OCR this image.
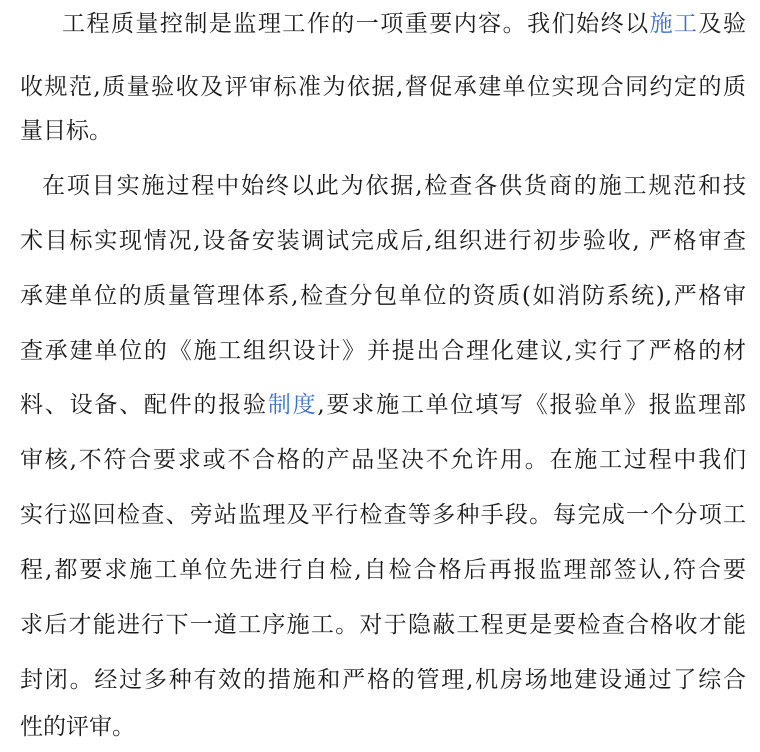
工程质量控制是监理工作的一项重要内容。我们始终以施工及验
收规范,质量验收及评审标准为依据,督促承建单位实现合同约定的质
量目标。
在项目实施过程中始终以此为依据,检查各供货商的施工规范和技
术目标实现情况,设备安装调试完成后,组织进行初步验收, 严格审查
承建单位的质量管理体系,检查分包单位的资质(如消防系统),严格审
查承建单位的《施工组织设计》并提出合理化建议,实行了严格的材
料、设备、配件的报验制度,要求施工单位填写《报验单》报监理部
审核,不符合要求或不合格的产品坚决不允许用。在施工过程中我们
实行巡回检查、旁站监理及平行检查等多种手段。每完成一个分项工
程,都要求施工单位先进行自检,自检合格后再报监理部签认,符合要
求后才能进行下一道工序施工。对于隐蔽工程更是要检查合格收才能
封闭。经过多种有效的措施和严格的管理,机房场地建设通过了综合
性的评审。
